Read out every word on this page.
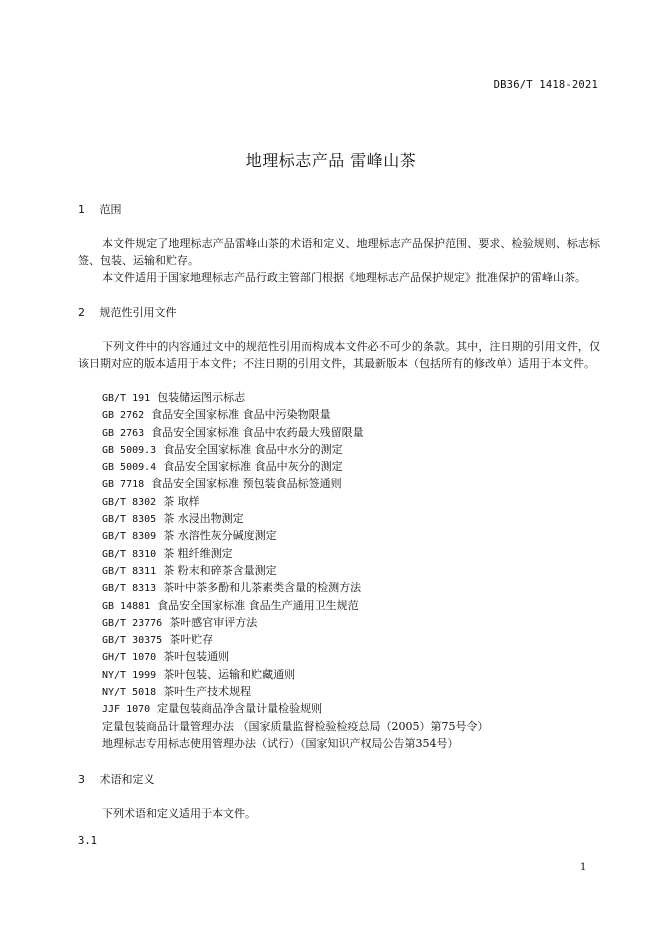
DB36/T 1418-2021
地理标志产品 雷峰山茶
1 范围
本文件规定了地理标志产品雷峰山茶的术语和定义、地理标志产品保护范围、要求、检验规则、标志标签、包装、运输和贮存。
本文件适用于国家地理标志产品行政主管部门根据《地理标志产品保护规定》批准保护的雷峰山茶。
2 规范性引用文件
下列文件中的内容通过文中的规范性引用而构成本文件必不可少的条款。其中，注日期的引用文件，仅该日期对应的版本适用于本文件；不注日期的引用文件，其最新版本（包括所有的修改单）适用于本文件。
GB/T 191 包装储运图示标志
GB 2762 食品安全国家标准 食品中污染物限量
GB 2763 食品安全国家标准 食品中农药最大残留限量
GB 5009.3 食品安全国家标准 食品中水分的测定
GB 5009.4 食品安全国家标准 食品中灰分的测定
GB 7718 食品安全国家标准 预包装食品标签通则
GB/T 8302 茶 取样
GB/T 8305 茶 水浸出物测定
GB/T 8309 茶 水溶性灰分碱度测定
GB/T 8310 茶 粗纤维测定
GB/T 8311 茶 粉末和碎茶含量测定
GB/T 8313 茶叶中茶多酚和儿茶素类含量的检测方法
GB 14881 食品安全国家标准 食品生产通用卫生规范
GB/T 23776 茶叶感官审评方法
GB/T 30375 茶叶贮存
GH/T 1070 茶叶包装通则
NY/T 1999 茶叶包装、运输和贮藏通则
NY/T 5018 茶叶生产技术规程
JJF 1070 定量包装商品净含量计量检验规则
定量包装商品计量管理办法 （国家质量监督检验检疫总局（2005）第75号令）
地理标志专用标志使用管理办法（试行）（国家知识产权局公告第354号）
3 术语和定义
下列术语和定义适用于本文件。
3.1
1
